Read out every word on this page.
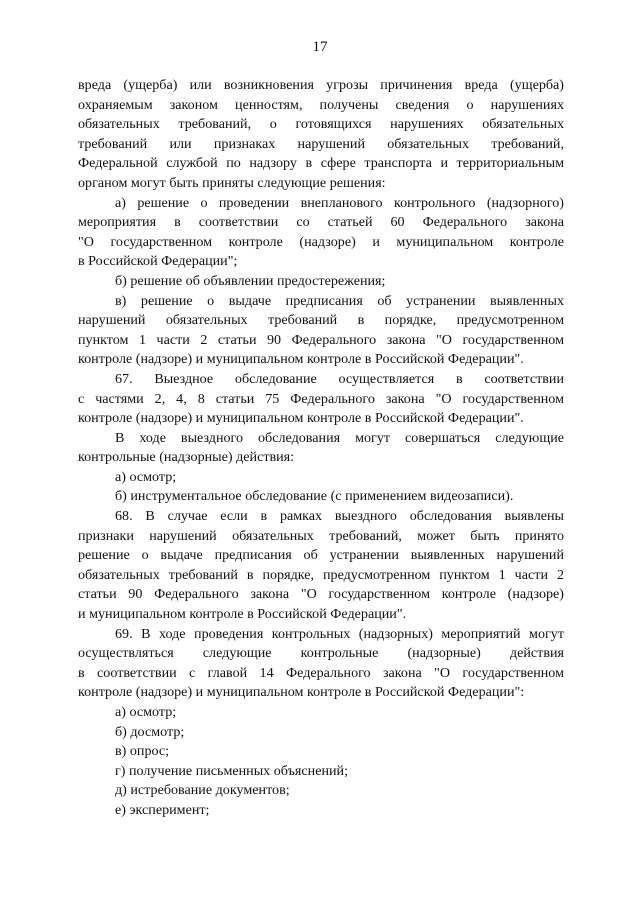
17
вреда (ущерба) или возникновения угрозы причинения вреда (ущерба)
охраняемым законом ценностям, получены сведения о нарушениях
обязательных требований, о готовящихся нарушениях обязательных
требований или признаках нарушений обязательных требований,
Федеральной службой по надзору в сфере транспорта и территориальным
органом могут быть приняты следующие решения:
а) решение о проведении внепланового контрольного (надзорного)
мероприятия в соответствии со статьей 60 Федерального закона
"О государственном контроле (надзоре) и муниципальном контроле
в Российской Федерации";
б) решение об объявлении предостережения;
в) решение о выдаче предписания об устранении выявленных
нарушений обязательных требований в порядке, предусмотренном
пунктом 1 части 2 статьи 90 Федерального закона "О государственном
контроле (надзоре) и муниципальном контроле в Российской Федерации".
67. Выездное обследование осуществляется в соответствии
с частями 2, 4, 8 статьи 75 Федерального закона "О государственном
контроле (надзоре) и муниципальном контроле в Российской Федерации".
В ходе выездного обследования могут совершаться следующие
контрольные (надзорные) действия:
а) осмотр;
б) инструментальное обследование (с применением видеозаписи).
68. В случае если в рамках выездного обследования выявлены
признаки нарушений обязательных требований, может быть принято
решение о выдаче предписания об устранении выявленных нарушений
обязательных требований в порядке, предусмотренном пунктом 1 части 2
статьи 90 Федерального закона "О государственном контроле (надзоре)
и муниципальном контроле в Российской Федерации".
69. В ходе проведения контрольных (надзорных) мероприятий могут
осуществляться следующие контрольные (надзорные) действия
в соответствии с главой 14 Федерального закона "О государственном
контроле (надзоре) и муниципальном контроле в Российской Федерации":
а) осмотр;
б) досмотр;
в) опрос;
г) получение письменных объяснений;
д) истребование документов;
е) эксперимент;
